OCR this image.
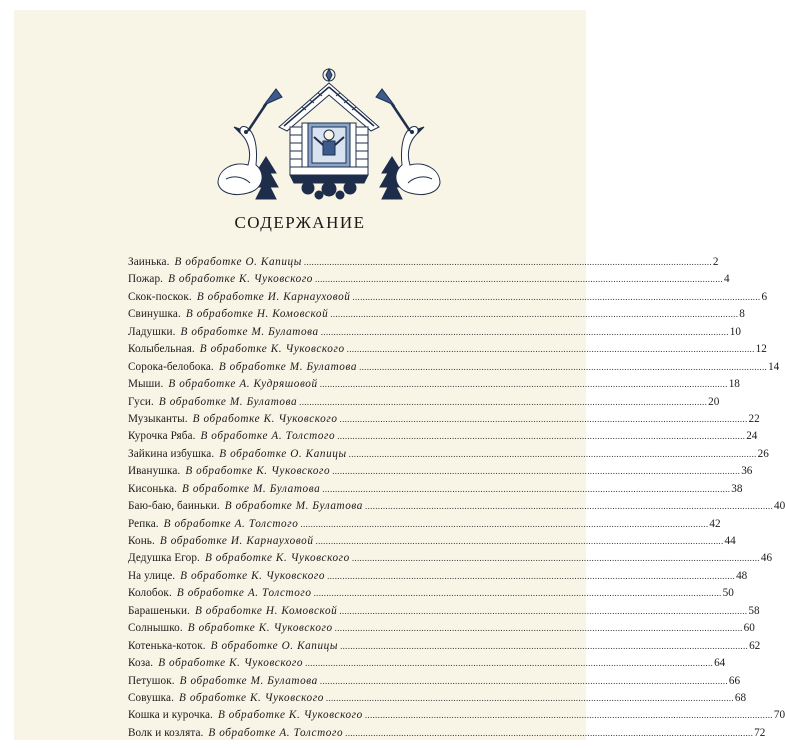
СОДЕРЖАНИЕ
Заинька. В обработке О. Капицы ................................................................................................................................................................ 2
Пожар. В обработке К. Чуковского ................................................................................................................................................................ 4
Скок-поскок. В обработке И. Карнауховой ................................................................................................................................................................ 6
Свинушка. В обработке Н. Комовской ................................................................................................................................................................ 8
Ладушки. В обработке М. Булатова ................................................................................................................................................................ 10
Колыбельная. В обработке К. Чуковского ................................................................................................................................................................ 12
Сорока-белобока. В обработке М. Булатова ................................................................................................................................................................ 14
Мыши. В обработке А. Кудряшовой ................................................................................................................................................................ 18
Гуси. В обработке М. Булатова ................................................................................................................................................................ 20
Музыканты. В обработке К. Чуковского ................................................................................................................................................................ 22
Курочка Ряба. В обработке А. Толстого ................................................................................................................................................................ 24
Зайкина избушка. В обработке О. Капицы ................................................................................................................................................................ 26
Иванушка. В обработке К. Чуковского ................................................................................................................................................................ 36
Кисонька. В обработке М. Булатова ................................................................................................................................................................ 38
Баю-баю, баиньки. В обработке М. Булатова ................................................................................................................................................................ 40
Репка. В обработке А. Толстого ................................................................................................................................................................ 42
Конь. В обработке И. Карнауховой ................................................................................................................................................................ 44
Дедушка Егор. В обработке К. Чуковского ................................................................................................................................................................ 46
На улице. В обработке К. Чуковского ................................................................................................................................................................ 48
Колобок. В обработке А. Толстого ................................................................................................................................................................ 50
Барашеньки. В обработке Н. Комовской ................................................................................................................................................................ 58
Солнышко. В обработке К. Чуковского ................................................................................................................................................................ 60
Котенька-коток. В обработке О. Капицы ................................................................................................................................................................ 62
Коза. В обработке К. Чуковского ................................................................................................................................................................ 64
Петушок. В обработке М. Булатова ................................................................................................................................................................ 66
Совушка. В обработке К. Чуковского ................................................................................................................................................................ 68
Кошка и курочка. В обработке К. Чуковского ................................................................................................................................................................ 70
Волк и козлята. В обработке А. Толстого ................................................................................................................................................................ 72
